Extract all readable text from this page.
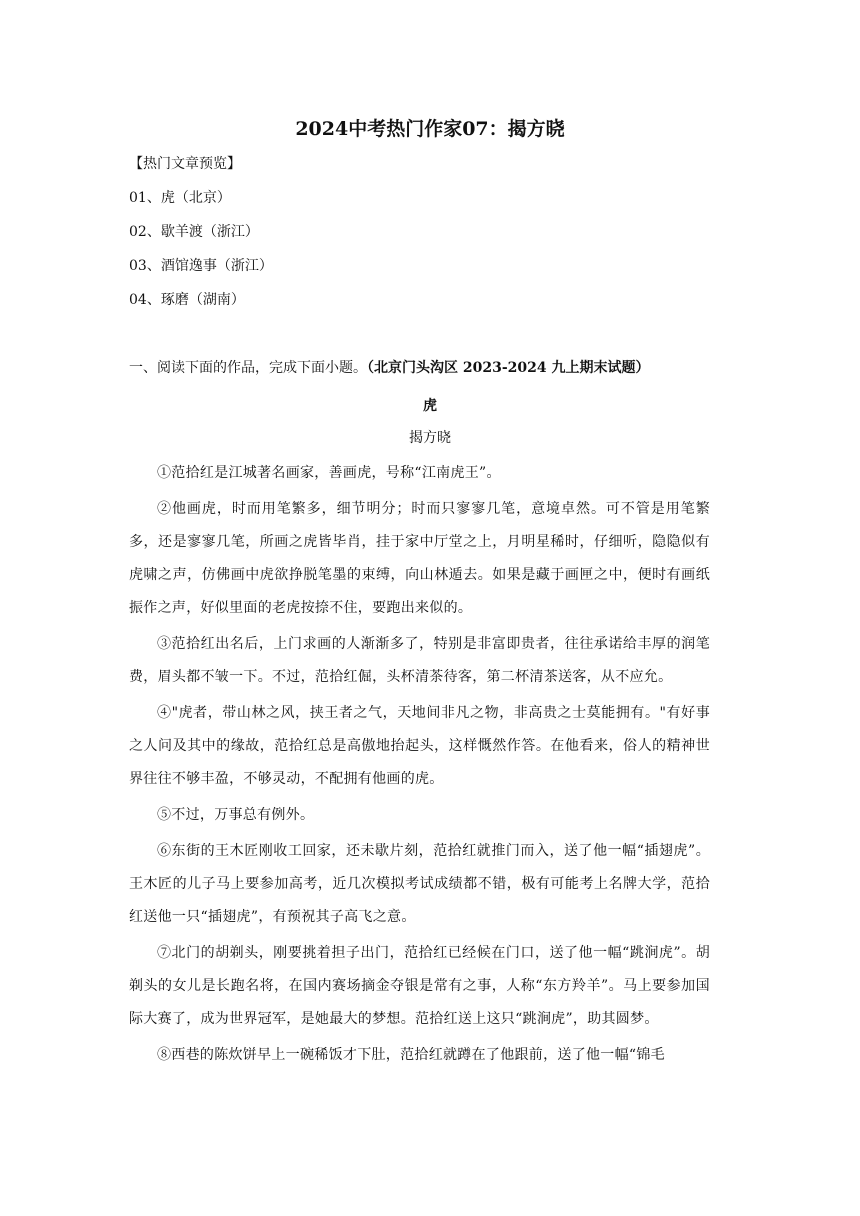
2024中考热门作家07：揭方晓
【热门文章预览】
01、虎（北京）
02、歇羊渡（浙江）
03、酒馆逸事（浙江）
04、琢磨（湖南）

一、阅读下面的作品，完成下面小题。（北京门头沟区 2023-2024 九上期末试题）

虎

揭方晓

①范拾红是江城著名画家，善画虎，号称“江南虎王”。

②他画虎，时而用笔繁多，细节明分；时而只寥寥几笔，意境卓然。可不管是用笔繁多，还是寥寥几笔，所画之虎皆毕肖，挂于家中厅堂之上，月明星稀时，仔细听，隐隐似有虎啸之声，仿佛画中虎欲挣脱笔墨的束缚，向山林遁去。如果是藏于画匣之中，便时有画纸振作之声，好似里面的老虎按捺不住，要跑出来似的。

③范拾红出名后，上门求画的人渐渐多了，特别是非富即贵者，往往承诺给丰厚的润笔费，眉头都不皱一下。不过，范拾红倔，头杯清茶待客，第二杯清茶送客，从不应允。

④"虎者，带山林之风，挟王者之气，天地间非凡之物，非高贵之士莫能拥有。"有好事之人问及其中的缘故，范拾红总是高傲地抬起头，这样慨然作答。在他看来，俗人的精神世界往往不够丰盈，不够灵动，不配拥有他画的虎。

⑤不过，万事总有例外。

⑥东街的王木匠刚收工回家，还未歇片刻，范拾红就推门而入，送了他一幅“插翅虎”。王木匠的儿子马上要参加高考，近几次模拟考试成绩都不错，极有可能考上名牌大学，范拾红送他一只“插翅虎”，有预祝其子高飞之意。

⑦北门的胡剃头，刚要挑着担子出门，范拾红已经候在门口，送了他一幅“跳涧虎”。胡剃头的女儿是长跑名将，在国内赛场摘金夺银是常有之事，人称“东方羚羊”。马上要参加国际大赛了，成为世界冠军，是她最大的梦想。范拾红送上这只“跳涧虎”，助其圆梦。

⑧西巷的陈炊饼早上一碗稀饭才下肚，范拾红就蹲在了他跟前，送了他一幅“锦毛
